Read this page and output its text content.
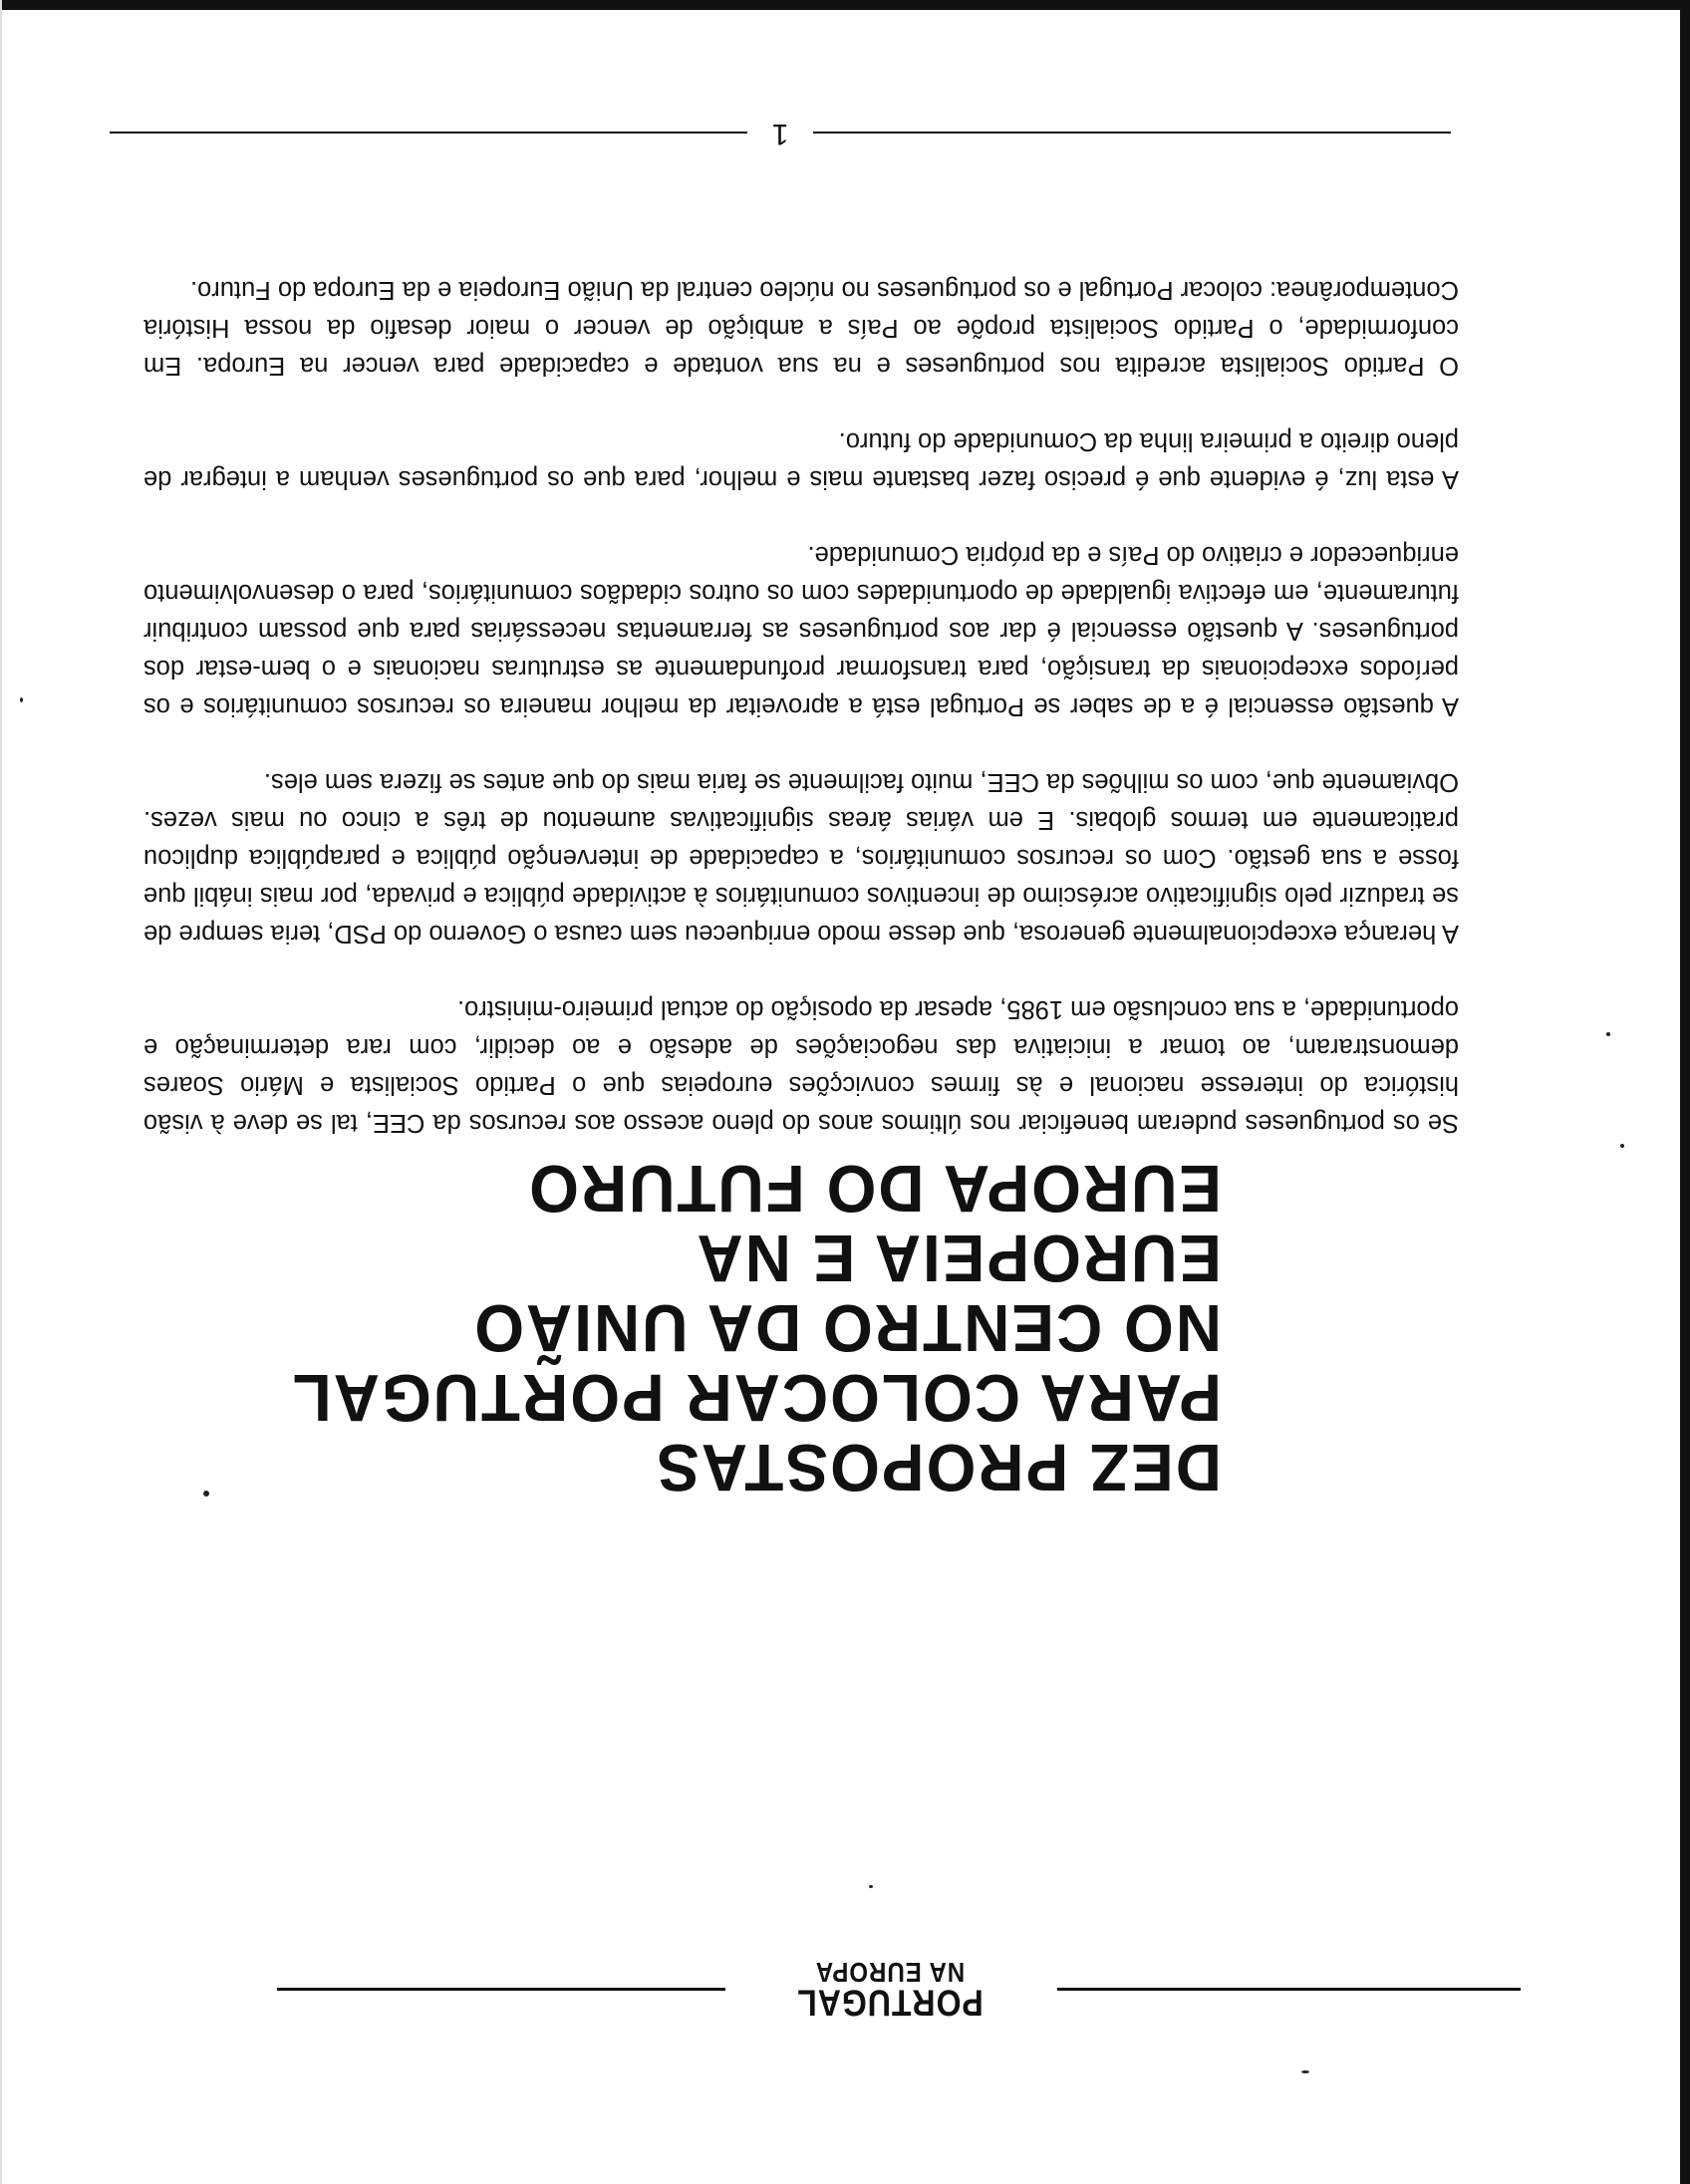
PORTUGAL
NA EUROPA
DEZ PROPOSTAS
PARA COLOCAR PORTUGAL
NO CENTRO DA UNIÃO
EUROPEIA E NA
EUROPA DO FUTURO

Se os portugueses puderam beneficiar nos últimos anos do pleno acesso aos recursos da CEE, tal se deve à visão histórica do interesse nacional e às firmes convicções europeias que o Partido Socialista e Mário Soares demonstraram, ao tomar a iniciativa das negociações de adesão e ao decidir, com rara determinação e oportunidade, a sua conclusão em 1985, apesar da oposição do actual primeiro-ministro.

A herança excepcionalmente generosa, que desse modo enriqueceu sem causa o Governo do PSD, teria sempre de se traduzir pelo significativo acréscimo de incentivos comunitários à actividade pública e privada, por mais inábil que fosse a sua gestão. Com os recursos comunitários, a capacidade de intervenção pública e parapública duplicou praticamente em termos globais. E em várias áreas significativas aumentou de três a cinco ou mais vezes. Obviamente que, com os milhões da CEE, muito facilmente se faria mais do que antes se fizera sem eles.

A questão essencial é a de saber se Portugal está a aproveitar da melhor maneira os recursos comunitários e os períodos excepcionais da transição, para transformar profundamente as estruturas nacionais e o bem-estar dos portugueses. A questão essencial é dar aos portugueses as ferramentas necessárias para que possam contribuir futuramente, em efectiva igualdade de oportunidades com os outros cidadãos comunitários, para o desenvolvimento enriquecedor e criativo do País e da própria Comunidade.

A esta luz, é evidente que é preciso fazer bastante mais e melhor, para que os portugueses venham a integrar de pleno direito a primeira linha da Comunidade do futuro.

O Partido Socialista acredita nos portugueses e na sua vontade e capacidade para vencer na Europa. Em conformidade, o Partido Socialista propõe ao País a ambição de vencer o maior desafio da nossa História Contemporânea: colocar Portugal e os portugueses no núcleo central da União Europeia e da Europa do Futuro.

1
